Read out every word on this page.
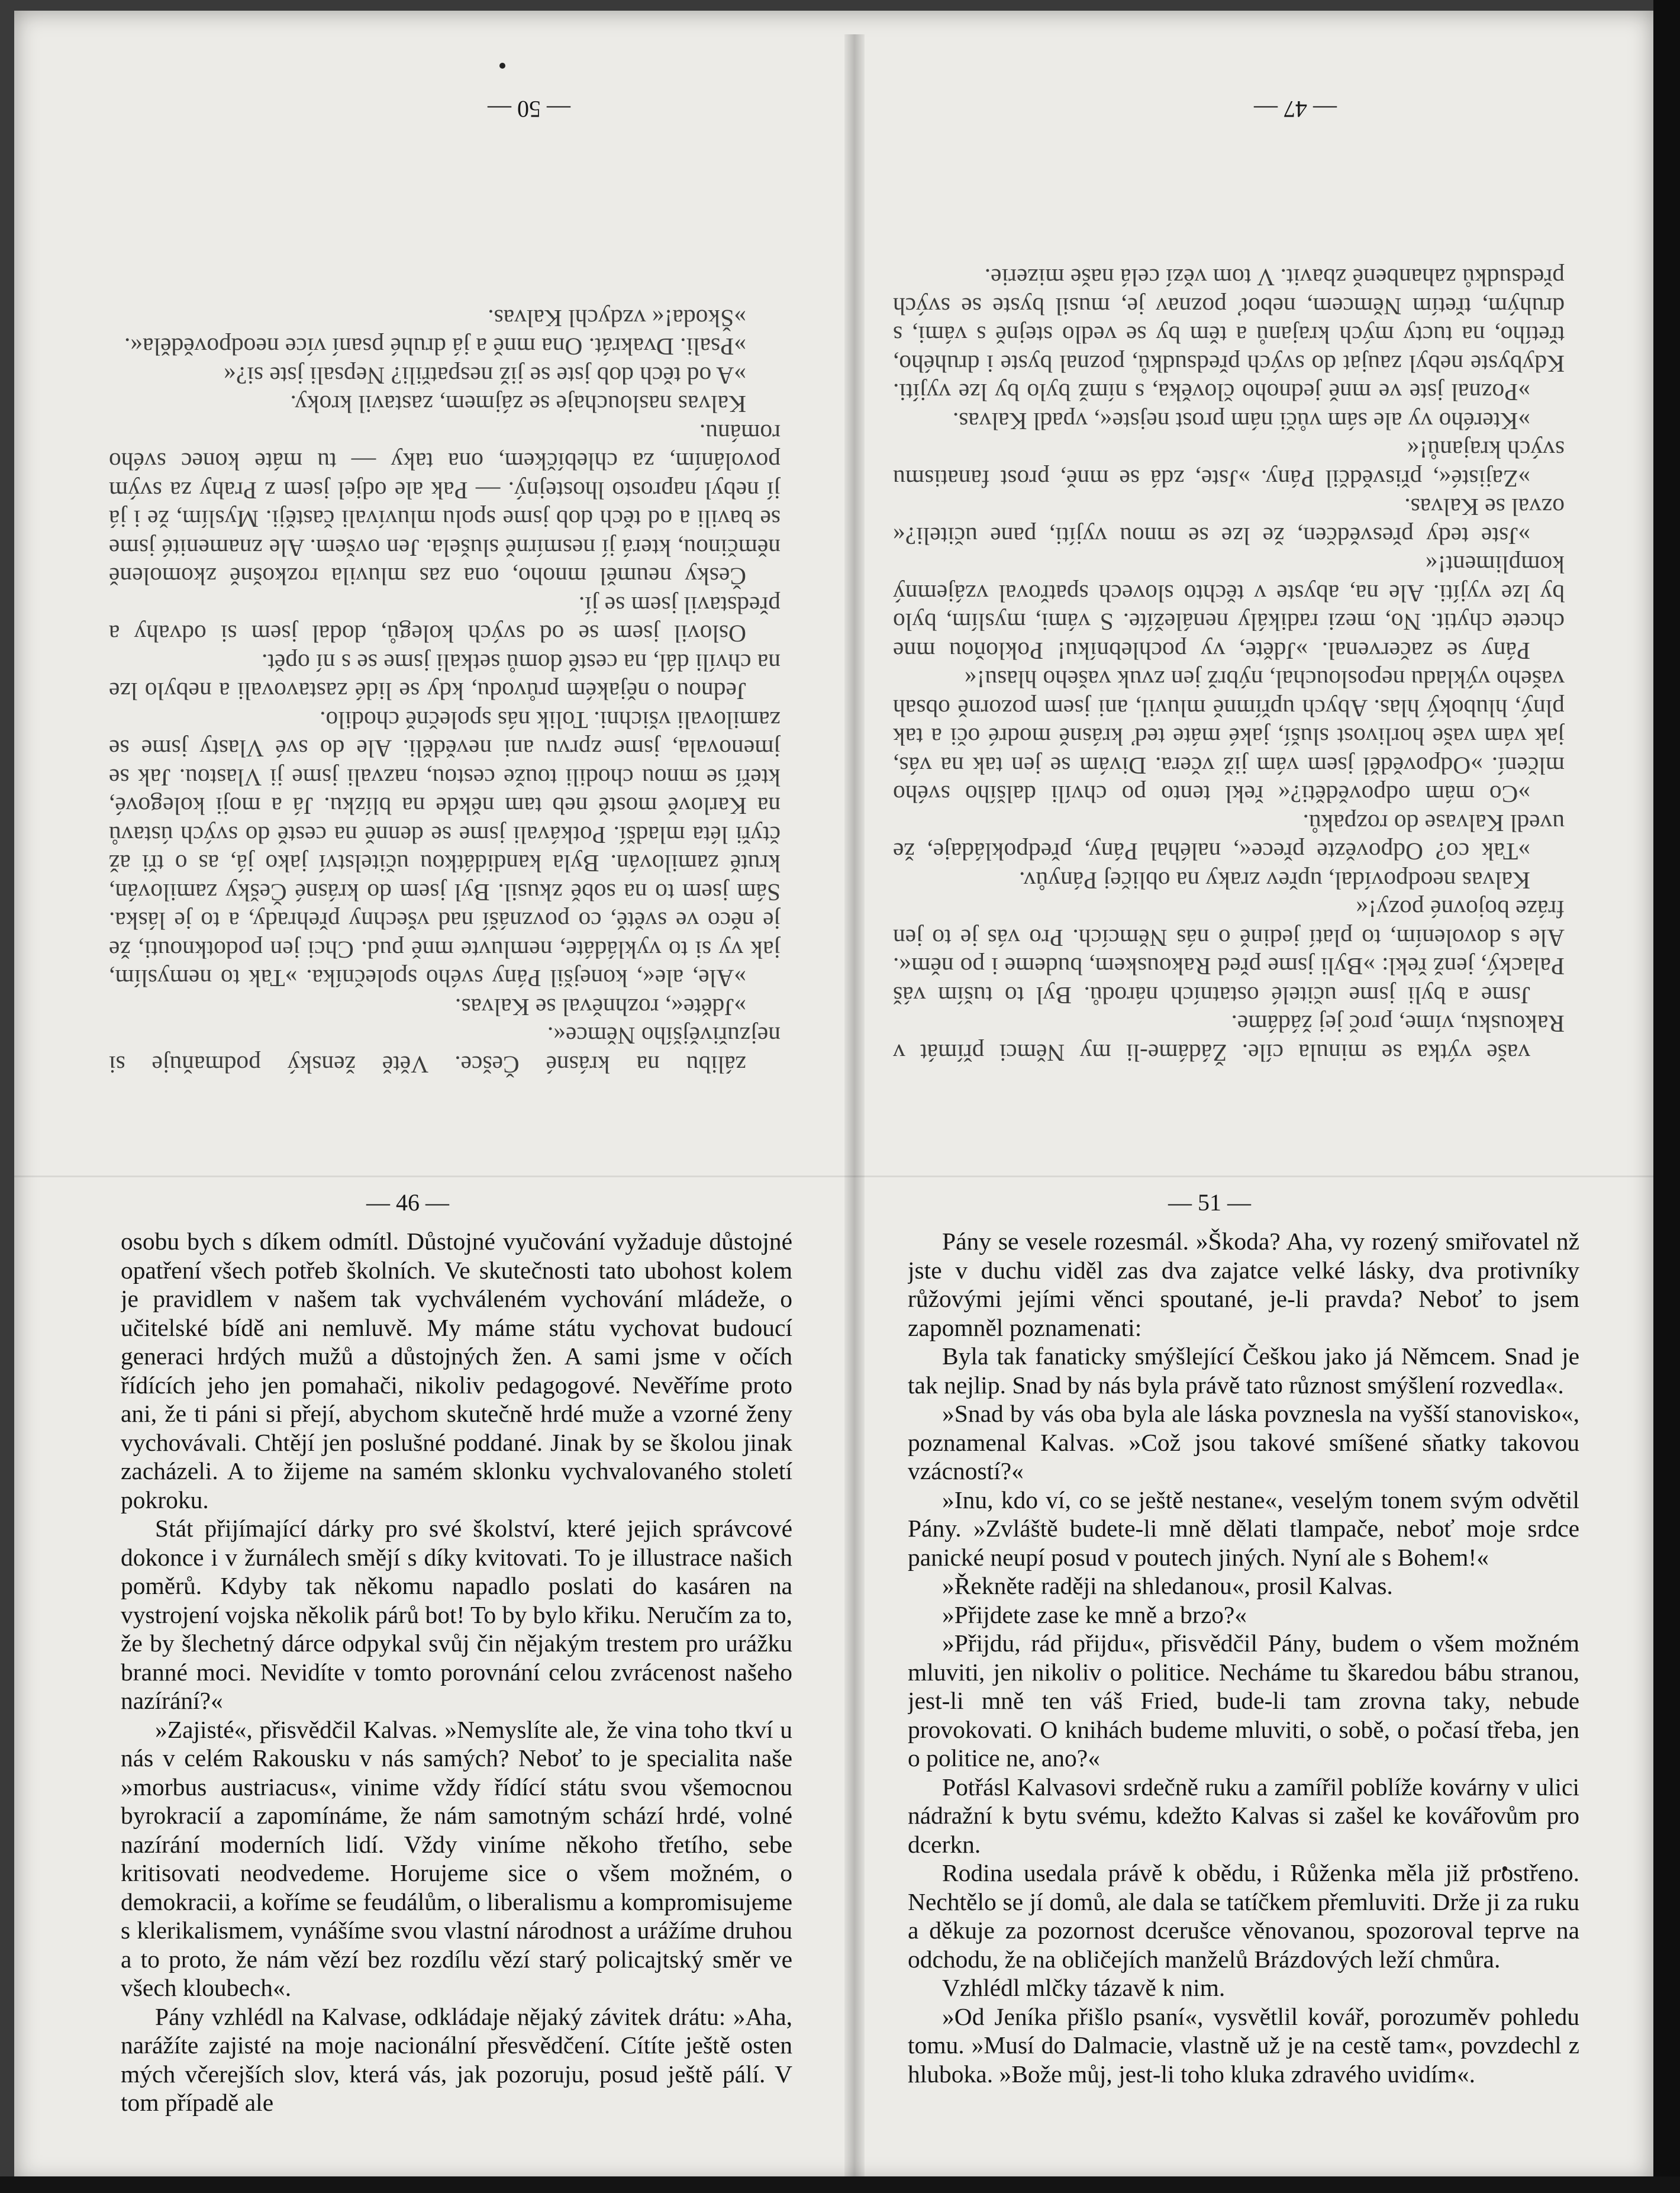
— 50 —

zálibu na krásné Češce. Větě ženský podmaňuje si nejzuřivějšího Němce«.

»Jděte«, rozhněval se Kalvas.

»Ale, ale«, konejšil Pány svého společníka. »Tak to nemyslím, jak vy si to vykládáte, nemluvte mně pud. Chci jen podotknouti, že je něco ve světě, co povznáší nad všechny přehrady, a to je láska. Sám jsem to na sobě zkusil. Byl jsem do krásné Češky zamilován, krutě zamilován. Byla kandidátkou učitelství jako já, as o tři až čtyři léta mladší. Potkávali jsme se denně na cestě do svých ústavů na Karlově mostě neb tam někde na blízku. Já a moji kolegové, kteří se mnou chodili touže cestou, nazvali jsme ji Vlastou. Jak se jmenovala, jsme zprvu ani nevěděli. Ale do své Vlasty jsme se zamilovali všichni. Tolik nás společně chodilo.

Jednou o nějakém průvodu, kdy se lidé zastavovali a nebylo lze na chvíli dál, na cestě domů setkali jsme se s ní opět.

Oslovil jsem se od svých kolegů, dodal jsem si odvahy a představil jsem se jí.

Česky neuměl mnoho, ona zas mluvila rozkošně zkomoleně němčinou, která jí nesmírně slušela. Jen ovšem. Ale znamenité jsme se bavili a od těch dob jsme spolu mluvívali častěji. Myslím, že i já jí nebyl naprosto lhostejný. — Pak ale odjel jsem z Prahy za svým povoláním, za chlebíčkem, ona taky — tu máte konec svého románu.

Kalvas naslouchaje se zájmem, zastavil kroky.

»A od těch dob jste se již nespatřili? Nepsali jste si?«

»Psali. Dvakrát. Ona mně a já druhé psaní více neodpověděla«.

»Škoda!« vzdychl Kalvas.

— 47 —

vaše výtka se minula cíle. Žádáme-li my Němci přímát v Rakousku, víme, proč jej žádáme.

Jsme a byli jsme učitelé ostatních národů. Byl to tuším váš Palacký, jenž řekl: »Byli jsme před Rakouskem, budeme i po něm«. Ale s dovolením, to platí jedině o nás Němcích. Pro vás je to jen fráze bojovné pozy!«

Kalvas neodpovídal, upřev zraky na obličej Pányův.

»Tak co? Odpovězte přece«, naléhal Pány, předpokládaje, že uvedl Kalvase do rozpaků.

»Co mám odpověděti?« řekl tento po chvíli dalšího svého mlčení. »Odpověděl jsem vám již včera. Divám se jen tak na vás, jak vám vaše horlivost sluší, jaké máte teď krásně modré oči a tak plný, hluboký hlas. Abych upřímně mluvil, ani jsem pozorně obsah vašeho výkladu neposlouchal, nýbrž jen zvuk vašeho hlasu!«

Pány se začervenal. »Jděte, vy pochlebníku! Pokloňou mne chcete chytit. No, mezi radikály nenáležíte. S vámi, myslím, bylo by lze vyjíti. Ale na, abyste v těchto slovech spatřoval vzájemný kompliment!«

»Jste tedy přesvědčen, že lze se mnou vyjíti, pane učiteli?« ozval se Kalvas.

»Zajisté«, přisvědčil Pány. »Jste, zdá se mně, prost fanatismu svých krajanů!«

»Kterého vy ale sám vůči nám prost nejste«, vpadl Kalvas.

»Poznal jste ve mně jednoho člověka, s nímž bylo by lze vyjíti. Kdybyste nebyl zaujat do svých předsudků, poznal byste i druhého, třetího, na tucty mých krajanů a těm by se vedlo stejně s vámi, s druhým, třetím Němcem, neboť poznav je, musil byste se svých předsudků zahanbeně zbavit. V tom vězí celá naše mizerie.

— 46 —

osobu bych s díkem odmítl. Důstojné vyučování vyžaduje důstojné opatření všech potřeb školních. Ve skutečnosti tato ubohost kolem je pravidlem v našem tak vychváleném vychování mládeže, o učitelské bídě ani nemluvě. My máme státu vychovat budoucí generaci hrdých mužů a důstojných žen. A sami jsme v očích řídících jeho jen pomahači, nikoliv pedagogové. Nevěříme proto ani, že ti páni si přejí, abychom skutečně hrdé muže a vzorné ženy vychovávali. Chtějí jen poslušné poddané. Jinak by se školou jinak zacházeli. A to žijeme na samém sklonku vychvalovaného století pokroku.

Stát přijímající dárky pro své školství, které jejich správcové dokonce i v žurnálech smějí s díky kvitovati. To je illustrace našich poměrů. Kdyby tak někomu napadlo poslati do kasáren na vystrojení vojska několik párů bot! To by bylo křiku. Neručím za to, že by šlechetný dárce odpykal svůj čin nějakým trestem pro urážku branné moci. Nevidíte v tomto porovnání celou zvrácenost našeho nazírání?«

»Zajisté«, přisvědčil Kalvas. »Nemyslíte ale, že vina toho tkví u nás v celém Rakousku v nás samých? Neboť to je specialita naše »morbus austriacus«, vinime vždy řídící státu svou všemocnou byrokracií a zapomínáme, že nám samotným schází hrdé, volné nazírání moderních lidí. Vždy viníme někoho třetího, sebe kritisovati neodvedeme. Horujeme sice o všem možném, o demokracii, a koříme se feudálům, o liberalismu a kompromisujeme s klerikalismem, vynášíme svou vlastní národnost a urážíme druhou a to proto, že nám vězí bez rozdílu vězí starý policajtský směr ve všech kloubech«.

Pány vzhlédl na Kalvase, odkládaje nějaký závitek drátu: »Aha, narážíte zajisté na moje nacionální přesvědčení. Cítíte ještě osten mých včerejších slov, která vás, jak pozoruju, posud ještě pálí. V tom případě ale

— 51 —

Pány se vesele rozesmál. »Škoda? Aha, vy rozený smiřovatel nž jste v duchu viděl zas dva zajatce velké lásky, dva protivníky růžovými jejími věnci spoutané, je-li pravda? Neboť to jsem zapomněl poznamenati:

Byla tak fanaticky smýšlející Češkou jako já Němcem. Snad je tak nejlip. Snad by nás byla právě tato různost smýšlení rozvedla«.

»Snad by vás oba byla ale láska povznesla na vyšší stanovisko«, poznamenal Kalvas. »Což jsou takové smíšené sňatky takovou vzácností?«

»Inu, kdo ví, co se ještě nestane«, veselým tonem svým odvětil Pány. »Zvláště budete-li mně dělati tlampače, neboť moje srdce panické neupí posud v poutech jiných. Nyní ale s Bohem!«

»Řekněte raději na shledanou«, prosil Kalvas.

»Přijdete zase ke mně a brzo?«

»Přijdu, rád přijdu«, přisvědčil Pány, budem o všem možném mluviti, jen nikoliv o politice. Necháme tu škaredou bábu stranou, jest-li mně ten váš Fried, bude-li tam zrovna taky, nebude provokovati. O knihách budeme mluviti, o sobě, o počasí třeba, jen o politice ne, ano?«

Potřásl Kalvasovi srdečně ruku a zamířil poblíže kovárny v ulici nádražní k bytu svému, kdežto Kalvas si zašel ke kovářovům pro dcerkn.

Rodina usedala právě k obědu, i Růženka měla již prostřeno. Nechtělo se jí domů, ale dala se tatíčkem přemluviti. Drže ji za ruku a děkuje za pozornost dcerušce věnovanou, spozoroval teprve na odchodu, že na obličejích manželů Brázdových leží chmůra.

Vzhlédl mlčky tázavě k nim.

»Od Jeníka přišlo psaní«, vysvětlil kovář, porozuměv pohledu tomu. »Musí do Dalmacie, vlastně už je na cestě tam«, povzdechl z hluboka. »Bože můj, jest-li toho kluka zdravého uvidím«.
